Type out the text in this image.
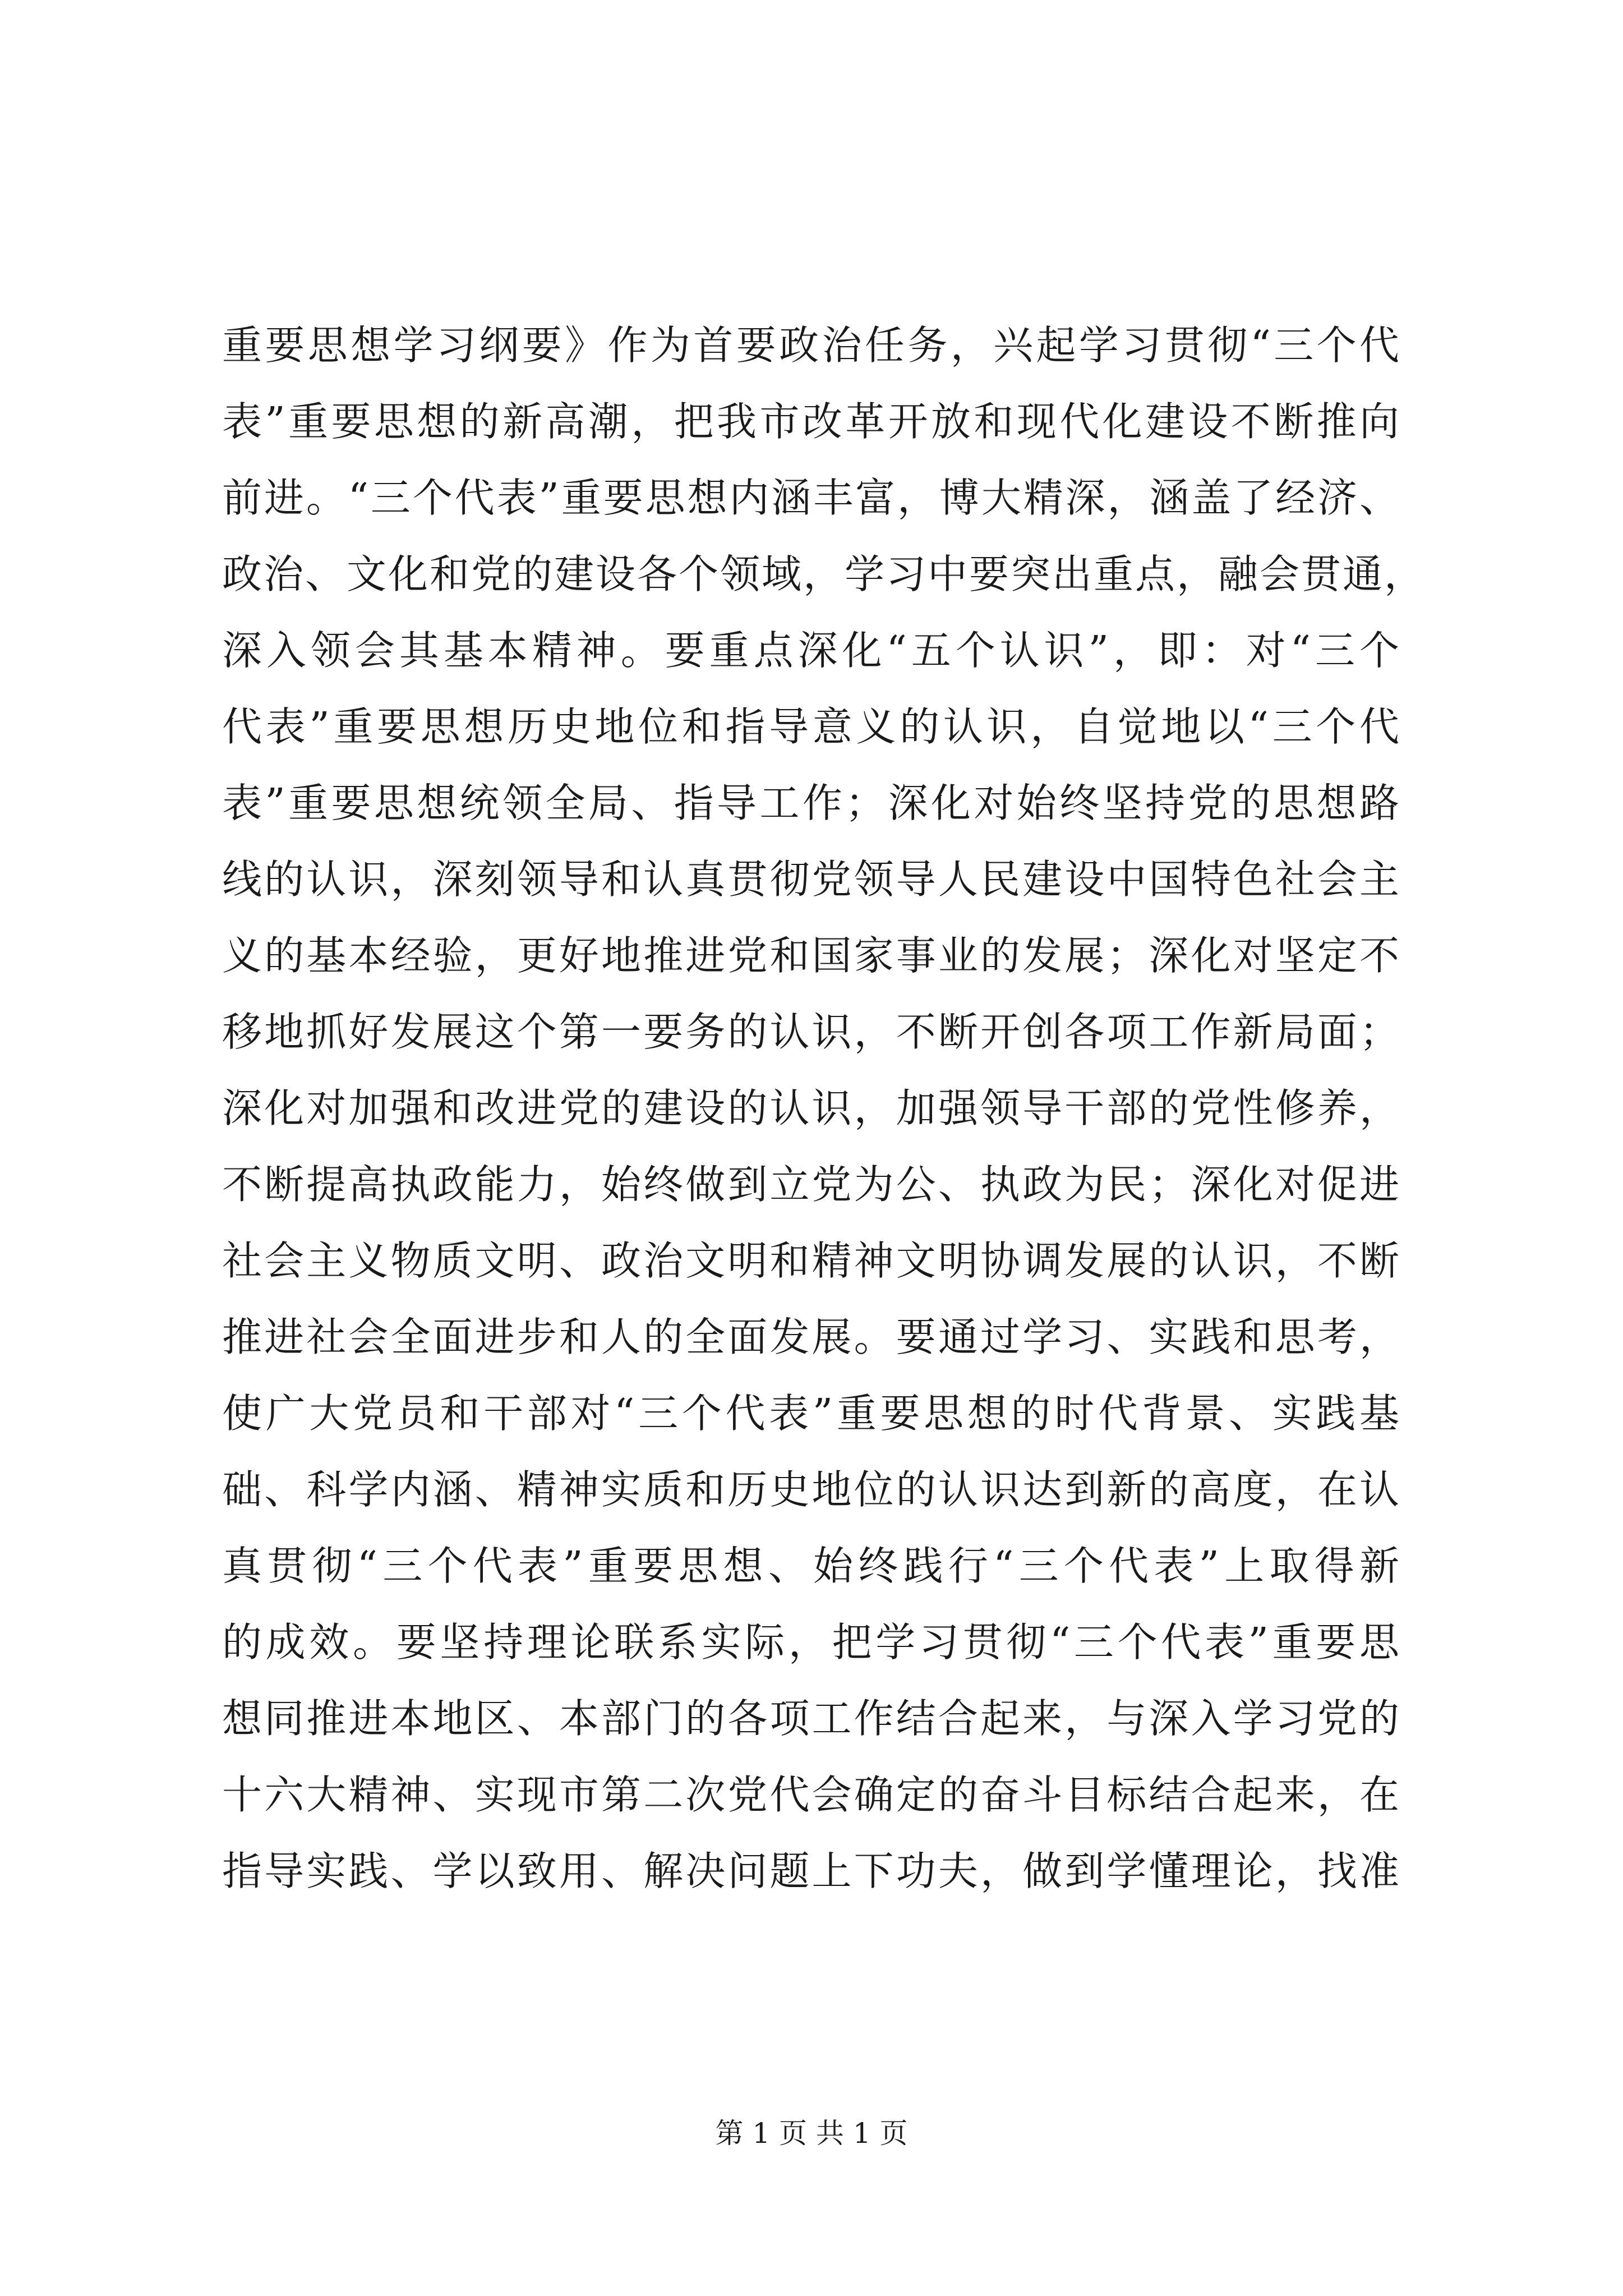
重要思想学习纲要》作为首要政治任务，兴起学习贯彻“三个代
表”重要思想的新高潮，把我市改革开放和现代化建设不断推向
前进。“三个代表”重要思想内涵丰富，博大精深，涵盖了经济、
政治、文化和党的建设各个领域，学习中要突出重点，融会贯通，
深入领会其基本精神。要重点深化“五个认识”，即：对“三个
代表”重要思想历史地位和指导意义的认识，自觉地以“三个代
表”重要思想统领全局、指导工作；深化对始终坚持党的思想路
线的认识，深刻领导和认真贯彻党领导人民建设中国特色社会主
义的基本经验，更好地推进党和国家事业的发展；深化对坚定不
移地抓好发展这个第一要务的认识，不断开创各项工作新局面；
深化对加强和改进党的建设的认识，加强领导干部的党性修养，
不断提高执政能力，始终做到立党为公、执政为民；深化对促进
社会主义物质文明、政治文明和精神文明协调发展的认识，不断
推进社会全面进步和人的全面发展。要通过学习、实践和思考，
使广大党员和干部对“三个代表”重要思想的时代背景、实践基
础、科学内涵、精神实质和历史地位的认识达到新的高度，在认
真贯彻“三个代表”重要思想、始终践行“三个代表”上取得新
的成效。要坚持理论联系实际，把学习贯彻“三个代表”重要思
想同推进本地区、本部门的各项工作结合起来，与深入学习党的
十六大精神、实现市第二次党代会确定的奋斗目标结合起来，在
指导实践、学以致用、解决问题上下功夫，做到学懂理论，找准
第 1 页 共 1 页
